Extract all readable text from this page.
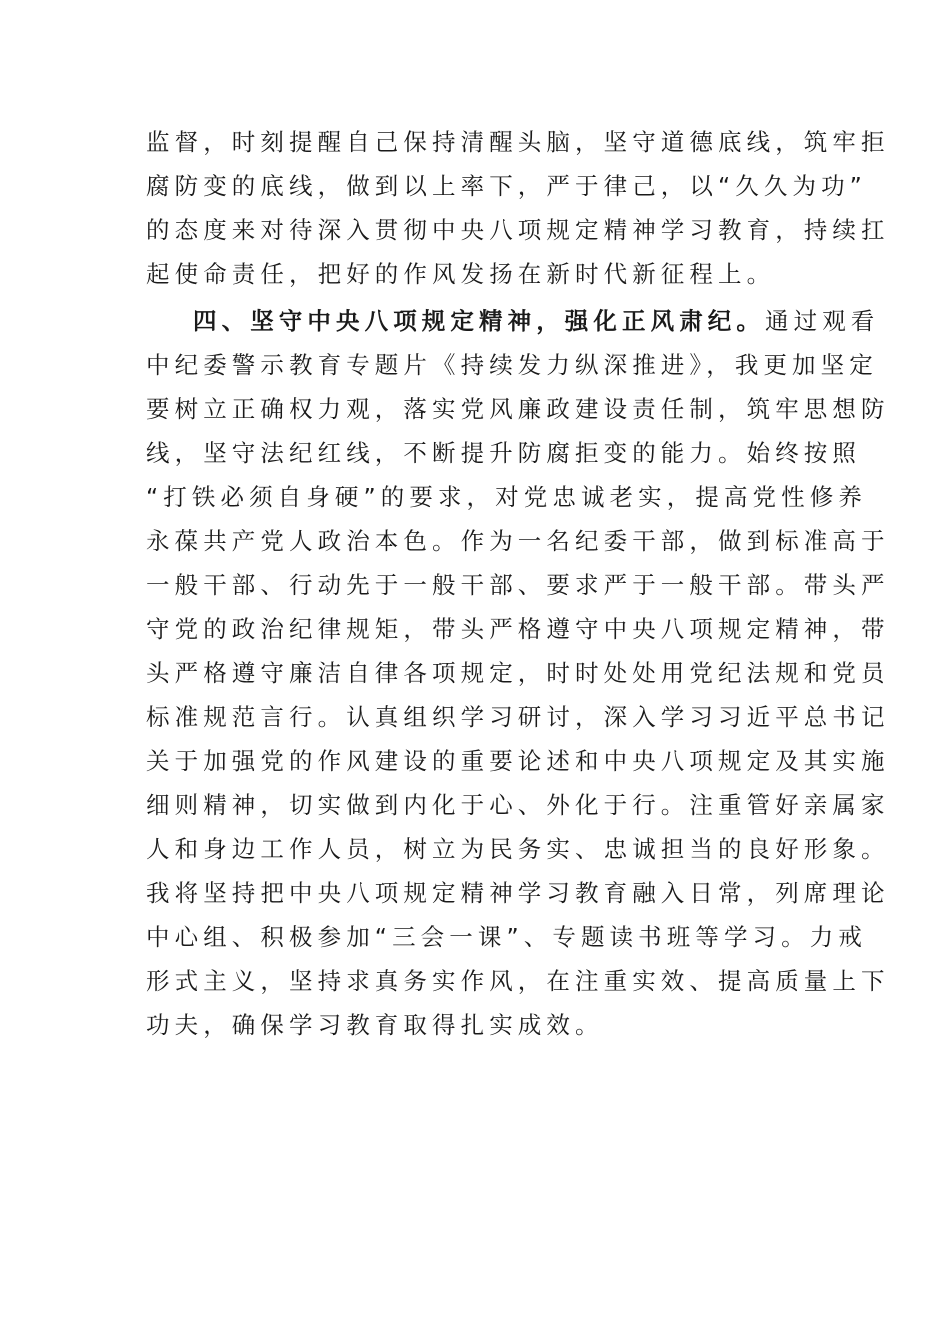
监督，时刻提醒自己保持清醒头脑，坚守道德底线，筑牢拒
腐防变的底线，做到以上率下，严于律己，以“久久为功”
的态度来对待深入贯彻中央八项规定精神学习教育，持续扛
起使命责任，把好的作风发扬在新时代新征程上。
四、坚守中央八项规定精神，强化正风肃纪。通过观看
中纪委警示教育专题片《持续发力纵深推进》，我更加坚定
要树立正确权力观，落实党风廉政建设责任制，筑牢思想防
线，坚守法纪红线，不断提升防腐拒变的能力。始终按照
“打铁必须自身硬”的要求，对党忠诚老实，提高党性修养
永葆共产党人政治本色。作为一名纪委干部，做到标准高于
一般干部、行动先于一般干部、要求严于一般干部。带头严
守党的政治纪律规矩，带头严格遵守中央八项规定精神，带
头严格遵守廉洁自律各项规定，时时处处用党纪法规和党员
标准规范言行。认真组织学习研讨，深入学习习近平总书记
关于加强党的作风建设的重要论述和中央八项规定及其实施
细则精神，切实做到内化于心、外化于行。注重管好亲属家
人和身边工作人员，树立为民务实、忠诚担当的良好形象。
我将坚持把中央八项规定精神学习教育融入日常，列席理论
中心组、积极参加“三会一课”、专题读书班等学习。力戒
形式主义，坚持求真务实作风，在注重实效、提高质量上下
功夫，确保学习教育取得扎实成效。
